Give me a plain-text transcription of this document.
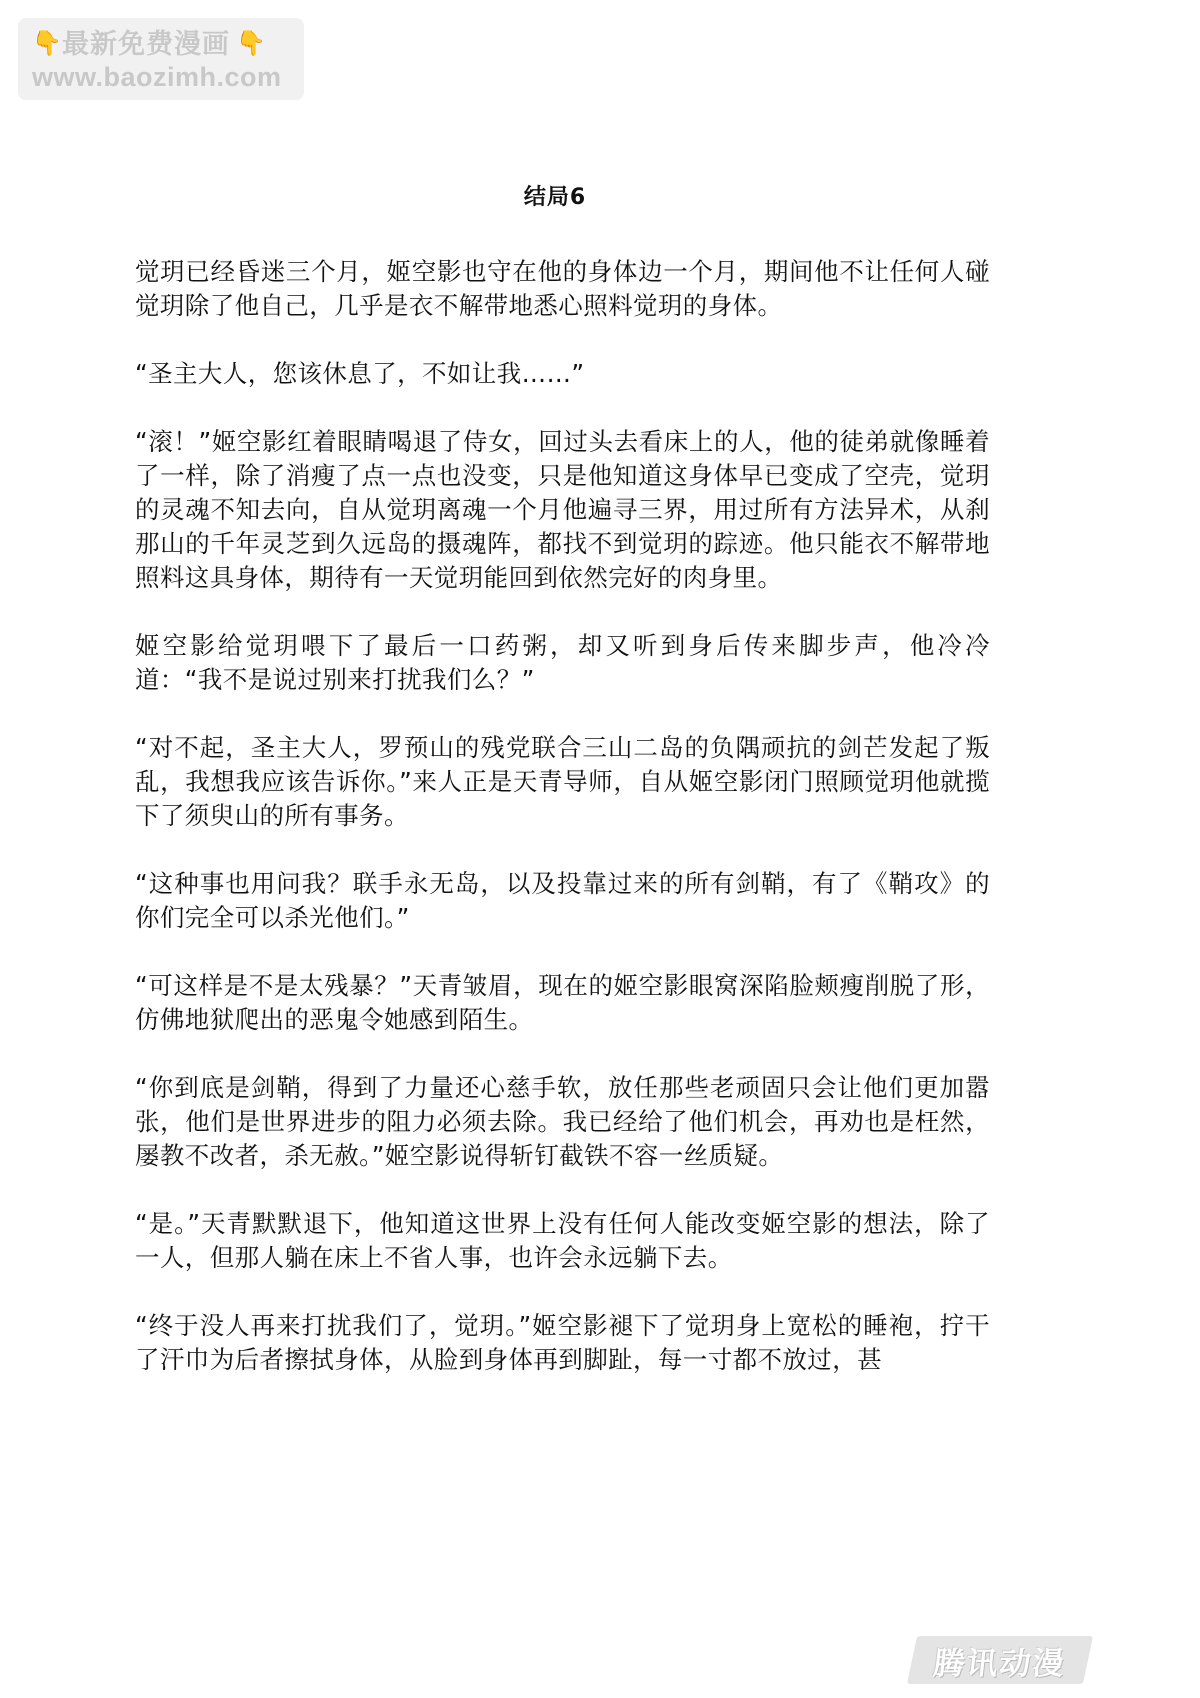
👇 最新免费漫画 👇
www.baozimh.com
结局6

觉玥已经昏迷三个月，姬空影也守在他的身体边一个月，期间他不让任何人碰觉玥除了他自己，几乎是衣不解带地悉心照料觉玥的身体。

“圣主大人，您该休息了，不如让我……”

“滚！”姬空影红着眼睛喝退了侍女，回过头去看床上的人，他的徒弟就像睡着了一样，除了消瘦了点一点也没变，只是他知道这身体早已变成了空壳，觉玥的灵魂不知去向，自从觉玥离魂一个月他遍寻三界，用过所有方法异术，从刹那山的千年灵芝到久远岛的摄魂阵，都找不到觉玥的踪迹。他只能衣不解带地照料这具身体，期待有一天觉玥能回到依然完好的肉身里。

姬空影给觉玥喂下了最后一口药粥，却又听到身后传来脚步声，他冷冷道：“我不是说过别来打扰我们么？”

“对不起，圣主大人，罗预山的残党联合三山二岛的负隅顽抗的剑芒发起了叛乱，我想我应该告诉你。”来人正是天青导师，自从姬空影闭门照顾觉玥他就揽下了须臾山的所有事务。

“这种事也用问我？联手永无岛，以及投靠过来的所有剑鞘，有了《鞘攻》的你们完全可以杀光他们。”

“可这样是不是太残暴？”天青皱眉，现在的姬空影眼窝深陷脸颊瘦削脱了形，仿佛地狱爬出的恶鬼令她感到陌生。

“你到底是剑鞘，得到了力量还心慈手软，放任那些老顽固只会让他们更加嚣张，他们是世界进步的阻力必须去除。我已经给了他们机会，再劝也是枉然，屡教不改者，杀无赦。”姬空影说得斩钉截铁不容一丝质疑。

“是。”天青默默退下，他知道这世界上没有任何人能改变姬空影的想法，除了一人，但那人躺在床上不省人事，也许会永远躺下去。

“终于没人再来打扰我们了，觉玥。”姬空影褪下了觉玥身上宽松的睡袍，拧干了汗巾为后者擦拭身体，从脸到身体再到脚趾，每一寸都不放过，甚

腾讯动漫
